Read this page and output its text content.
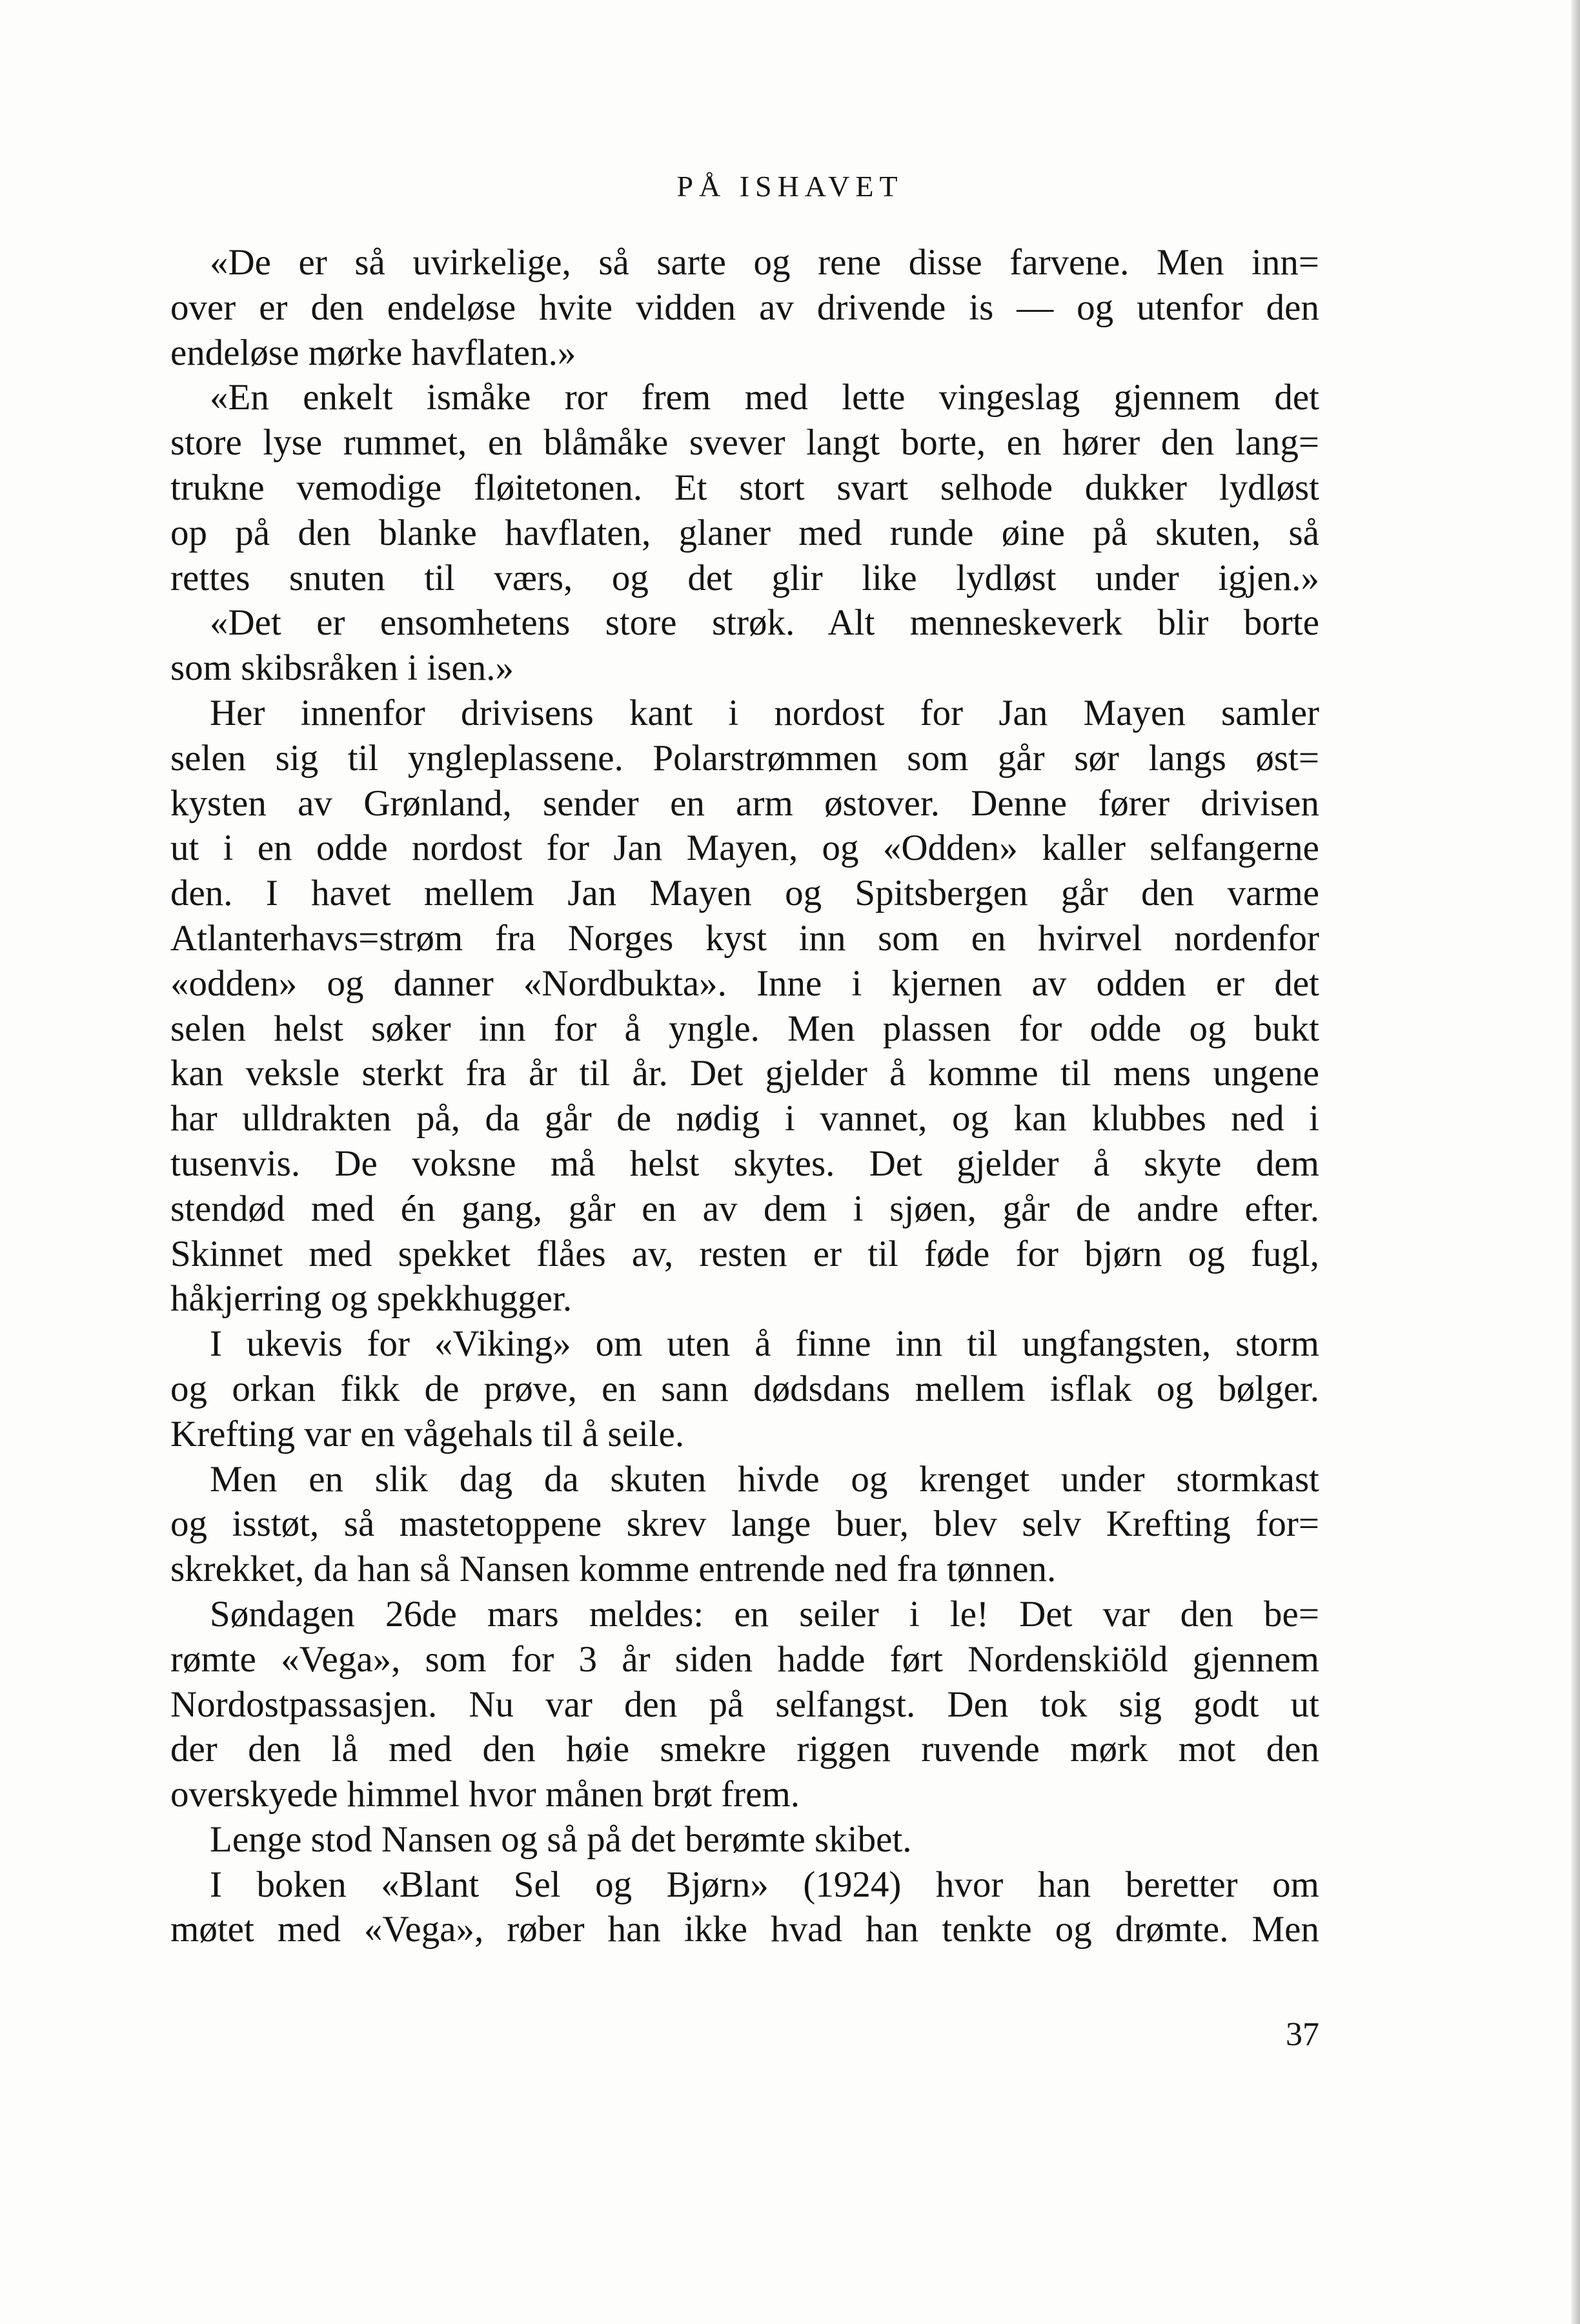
PÅ ISHAVET
«De er så uvirkelige, så sarte og rene disse farvene. Men inn=
over er den endeløse hvite vidden av drivende is — og utenfor den
endeløse mørke havflaten.»
«En enkelt ismåke ror frem med lette vingeslag gjennem det
store lyse rummet, en blåmåke svever langt borte, en hører den lang=
trukne vemodige fløitetonen. Et stort svart selhode dukker lydløst
op på den blanke havflaten, glaner med runde øine på skuten, så
rettes snuten til værs, og det glir like lydløst under igjen.»
«Det er ensomhetens store strøk. Alt menneskeverk blir borte
som skibsråken i isen.»
Her innenfor drivisens kant i nordost for Jan Mayen samler
selen sig til yngleplassene. Polarstrømmen som går sør langs øst=
kysten av Grønland, sender en arm østover. Denne fører drivisen
ut i en odde nordost for Jan Mayen, og «Odden» kaller selfangerne
den. I havet mellem Jan Mayen og Spitsbergen går den varme
Atlanterhavs=strøm fra Norges kyst inn som en hvirvel nordenfor
«odden» og danner «Nordbukta». Inne i kjernen av odden er det
selen helst søker inn for å yngle. Men plassen for odde og bukt
kan veksle sterkt fra år til år. Det gjelder å komme til mens ungene
har ulldrakten på, da går de nødig i vannet, og kan klubbes ned i
tusenvis. De voksne må helst skytes. Det gjelder å skyte dem
stendød med én gang, går en av dem i sjøen, går de andre efter.
Skinnet med spekket flåes av, resten er til føde for bjørn og fugl,
håkjerring og spekkhugger.
I ukevis for «Viking» om uten å finne inn til ungfangsten, storm
og orkan fikk de prøve, en sann dødsdans mellem isflak og bølger.
Krefting var en vågehals til å seile.
Men en slik dag da skuten hivde og krenget under stormkast
og isstøt, så mastetoppene skrev lange buer, blev selv Krefting for=
skrekket, da han så Nansen komme entrende ned fra tønnen.
Søndagen 26de mars meldes: en seiler i le! Det var den be=
rømte «Vega», som for 3 år siden hadde ført Nordenskiöld gjennem
Nordostpassasjen. Nu var den på selfangst. Den tok sig godt ut
der den lå med den høie smekre riggen ruvende mørk mot den
overskyede himmel hvor månen brøt frem.
Lenge stod Nansen og så på det berømte skibet.
I boken «Blant Sel og Bjørn» (1924) hvor han beretter om
møtet med «Vega», røber han ikke hvad han tenkte og drømte. Men
37
